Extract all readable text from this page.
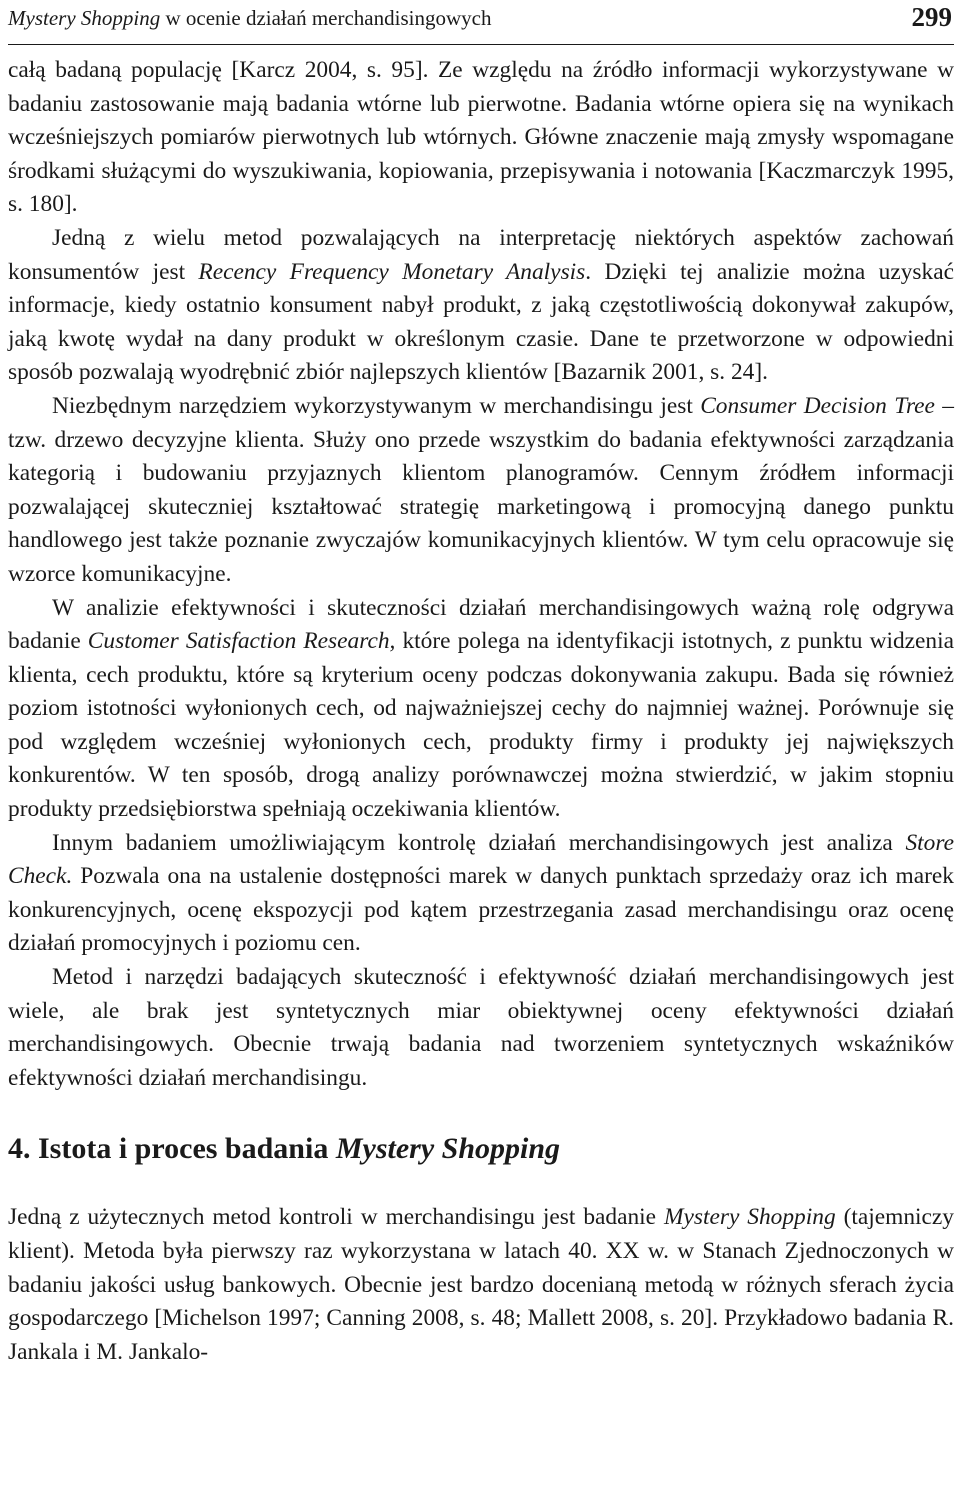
Mystery Shopping w ocenie działań merchandisingowych	299

całą badaną populację [Karcz 2004, s. 95]. Ze względu na źródło informacji wykorzystywane w badaniu zastosowanie mają badania wtórne lub pierwotne. Badania wtórne opiera się na wynikach wcześniejszych pomiarów pierwotnych lub wtórnych. Główne znaczenie mają zmysły wspomagane środkami służącymi do wyszukiwania, kopiowania, przepisywania i notowania [Kaczmarczyk 1995, s. 180].

Jedną z wielu metod pozwalających na interpretację niektórych aspektów zachowań konsumentów jest Recency Frequency Monetary Analysis. Dzięki tej analizie można uzyskać informacje, kiedy ostatnio konsument nabył produkt, z jaką częstotliwością dokonywał zakupów, jaką kwotę wydał na dany produkt w określonym czasie. Dane te przetworzone w odpowiedni sposób pozwalają wyodrębnić zbiór najlepszych klientów [Bazarnik 2001, s. 24].

Niezbędnym narzędziem wykorzystywanym w merchandisingu jest Consumer Decision Tree – tzw. drzewo decyzyjne klienta. Służy ono przede wszystkim do badania efektywności zarządzania kategorią i budowaniu przyjaznych klientom planogramów. Cennym źródłem informacji pozwalającej skuteczniej kształtować strategię marketingową i promocyjną danego punktu handlowego jest także poznanie zwyczajów komunikacyjnych klientów. W tym celu opracowuje się wzorce komunikacyjne.

W analizie efektywności i skuteczności działań merchandisingowych ważną rolę odgrywa badanie Customer Satisfaction Research, które polega na identyfikacji istotnych, z punktu widzenia klienta, cech produktu, które są kryterium oceny podczas dokonywania zakupu. Bada się również poziom istotności wyłonionych cech, od najważniejszej cechy do najmniej ważnej. Porównuje się pod względem wcześniej wyłonionych cech, produkty firmy i produkty jej największych konkurentów. W ten sposób, drogą analizy porównawczej można stwierdzić, w jakim stopniu produkty przedsiębiorstwa spełniają oczekiwania klientów.

Innym badaniem umożliwiającym kontrolę działań merchandisingowych jest analiza Store Check. Pozwala ona na ustalenie dostępności marek w danych punktach sprzedaży oraz ich marek konkurencyjnych, ocenę ekspozycji pod kątem przestrzegania zasad merchandisingu oraz ocenę działań promocyjnych i poziomu cen.

Metod i narzędzi badających skuteczność i efektywność działań merchandisingowych jest wiele, ale brak jest syntetycznych miar obiektywnej oceny efektywności działań merchandisingowych. Obecnie trwają badania nad tworzeniem syntetycznych wskaźników efektywności działań merchandisingu.

4. Istota i proces badania Mystery Shopping

Jedną z użytecznych metod kontroli w merchandisingu jest badanie Mystery Shopping (tajemniczy klient). Metoda była pierwszy raz wykorzystana w latach 40. XX w. w Stanach Zjednoczonych w badaniu jakości usług bankowych. Obecnie jest bardzo docenianą metodą w różnych sferach życia gospodarczego [Michelson 1997; Canning 2008, s. 48; Mallett 2008, s. 20]. Przykładowo badania R. Jankala i M. Jankalo-
